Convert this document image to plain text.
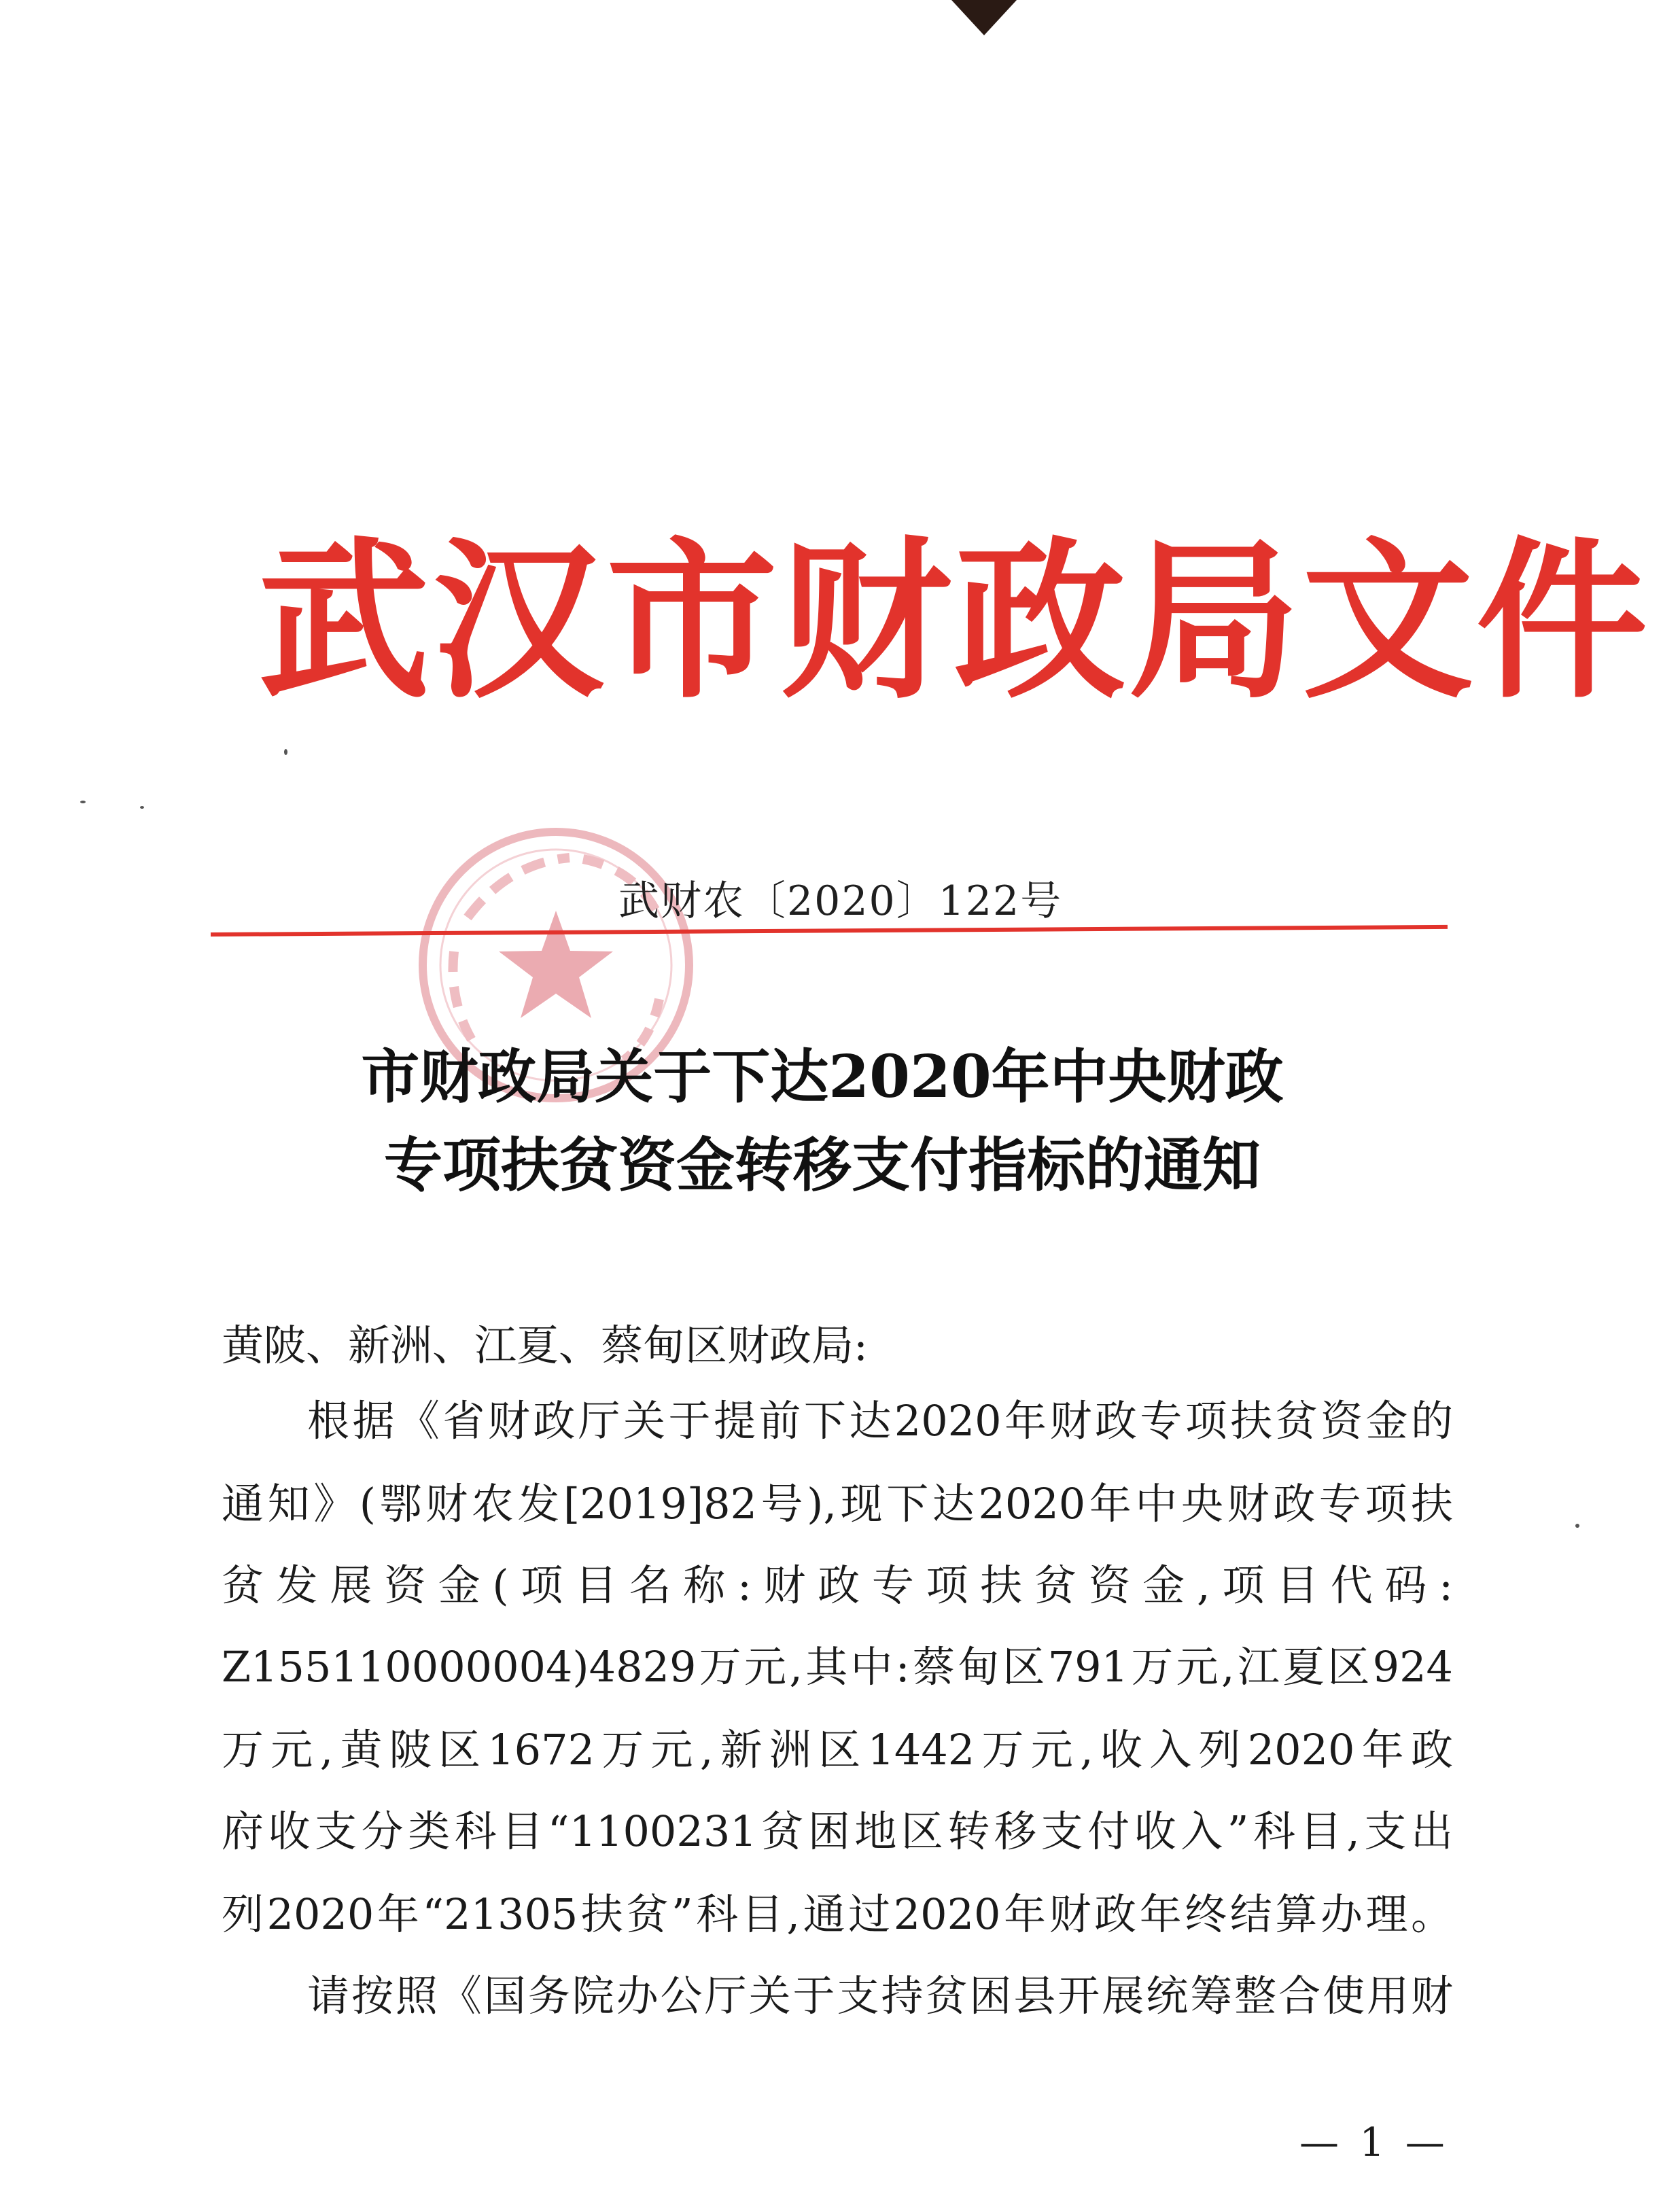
武汉市财政局文件
武财农〔2020〕122号
市财政局关于下达2020年中央财政
专项扶贫资金转移支付指标的通知
黄陂、新洲、江夏、蔡甸区财政局:
根据《省财政厅关于提前下达2020年财政专项扶贫资金的
通知》(鄂财农发[2019]82号),现下达2020年中央财政专项扶
贫发展资金(项目名称:财政专项扶贫资金,项目代码:
Z155110000004)4829万元,其中:蔡甸区791万元,江夏区924
万元,黄陂区1672万元,新洲区1442万元,收入列2020年政
府收支分类科目“1100231贫困地区转移支付收入”科目,支出
列2020年“21305扶贫”科目,通过2020年财政年终结算办理。
请按照《国务院办公厅关于支持贫困县开展统筹整合使用财
— 1 —
